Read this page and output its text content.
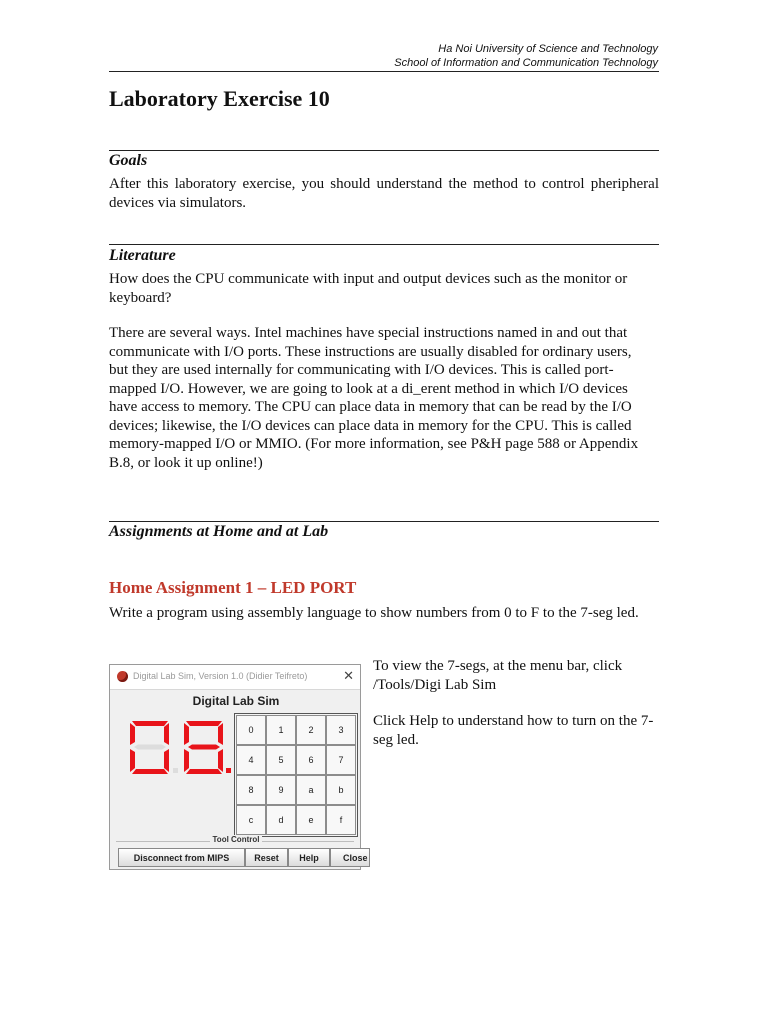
Ha Noi University of Science and Technology
School of Information and Communication Technology
Laboratory Exercise 10
Goals

After this laboratory exercise, you should understand the method to control pheripheral devices via simulators.

Literature

How does the CPU communicate with input and output devices such as the monitor or keyboard?

There are several ways. Intel machines have special instructions named in and out that communicate with I/O ports. These instructions are usually disabled for ordinary users, but they are used internally for communicating with I/O devices. This is called port-mapped I/O. However, we are going to look at a di_erent method in which I/O devices have access to memory. The CPU can place data in memory that can be read by the I/O devices; likewise, the I/O devices can place data in memory for the CPU. This is called memory-mapped I/O or MMIO. (For more information, see P&H page 588 or Appendix B.8, or look it up online!)

Assignments at Home and at Lab
Home Assignment 1 – LED PORT

Write a program using assembly language to show numbers from 0 to F to the 7-seg led.

To view the 7-segs, at the menu bar, click /Tools/Digi Lab Sim

Click Help to understand how to turn on the 7-seg led.

Digital Lab Sim, Version 1.0 (Didier Teifreto)	✕
Digital Lab Sim
0	1	2	3
4	5	6	7
8	9	a	b
c	d	e	f
Tool Control
Disconnect from MIPS	Reset	Help	Close
